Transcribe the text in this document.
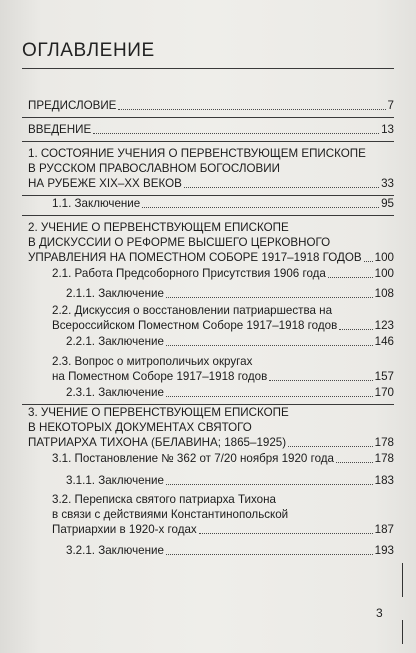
ОГЛАВЛЕНИЕ
ПРЕДИСЛОВИЕ	7
ВВЕДЕНИЕ	13
1. СОСТОЯНИЕ УЧЕНИЯ О ПЕРВЕНСТВУЮЩЕМ ЕПИСКОПЕ
В РУССКОМ ПРАВОСЛАВНОМ БОГОСЛОВИИ
НА РУБЕЖЕ XIX–XX ВЕКОВ	33
1.1. Заключение	95
2. УЧЕНИЕ О ПЕРВЕНСТВУЮЩЕМ ЕПИСКОПЕ
В ДИСКУССИИ О РЕФОРМЕ ВЫСШЕГО ЦЕРКОВНОГО
УПРАВЛЕНИЯ НА ПОМЕСТНОМ СОБОРЕ 1917–1918 ГОДОВ 100
2.1. Работа Предсоборного Присутствия 1906 года	100
2.1.1. Заключение	108
2.2. Дискуссия о восстановлении патриаршества на
Всероссийском Поместном Соборе 1917–1918 годов	123
2.2.1. Заключение	146
2.3. Вопрос о митрополичьих округах
на Поместном Соборе 1917–1918 годов	157
2.3.1. Заключение	170
3. УЧЕНИЕ О ПЕРВЕНСТВУЮЩЕМ ЕПИСКОПЕ
В НЕКОТОРЫХ ДОКУМЕНТАХ СВЯТОГО
ПАТРИАРХА ТИХОНА (БЕЛАВИНА; 1865–1925)	178
3.1. Постановление № 362 от 7/20 ноября 1920 года	178
3.1.1. Заключение	183
3.2. Переписка святого патриарха Тихона
в связи с действиями Константинопольской
Патриархии в 1920-х годах	187
3.2.1. Заключение	193
3
